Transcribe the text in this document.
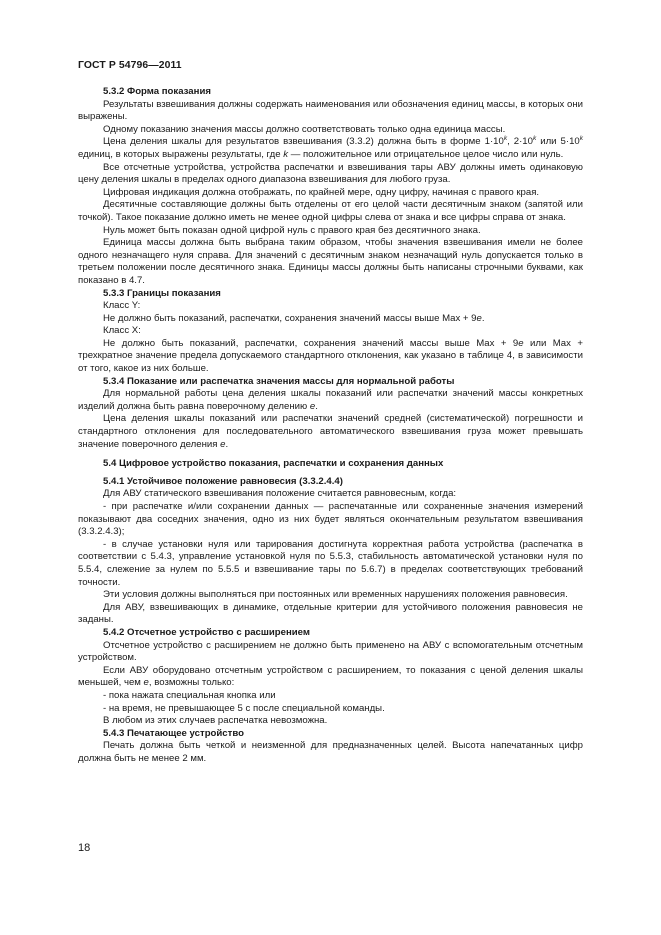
ГОСТ Р 54796—2011

5.3.2 Форма показания

Результаты взвешивания должны содержать наименования или обозначения единиц массы, в которых они выражены.

Одному показанию значения массы должно соответствовать только одна единица массы.

Цена деления шкалы для результатов взвешивания (3.3.2) должна быть в форме $1\cdot 10^k$, $2\cdot 10^k$ или $5\cdot 10^k$ единиц, в которых выражены результаты, где k — положительное или отрицательное целое число или нуль.

Все отсчетные устройства, устройства распечатки и взвешивания тары АВУ должны иметь одинаковую цену деления шкалы в пределах одного диапазона взвешивания для любого груза.

Цифровая индикация должна отображать, по крайней мере, одну цифру, начиная с правого края.

Десятичные составляющие должны быть отделены от его целой части десятичным знаком (запятой или точкой). Такое показание должно иметь не менее одной цифры слева от знака и все цифры справа от знака.

Нуль может быть показан одной цифрой нуль с правого края без десятичного знака.

Единица массы должна быть выбрана таким образом, чтобы значения взвешивания имели не более одного незначащего нуля справа. Для значений с десятичным знаком незначащий нуль допускается только в третьем положении после десятичного знака. Единицы массы должны быть написаны строчными буквами, как показано в 4.7.

5.3.3 Границы показания

Класс Y:

Не должно быть показаний, распечатки, сохранения значений массы выше Max + 9e.

Класс X:

Не должно быть показаний, распечатки, сохранения значений массы выше Max + 9e или Max + трехкратное значение предела допускаемого стандартного отклонения, как указано в таблице 4, в зависимости от того, какое из них больше.

5.3.4 Показание или распечатка значения массы для нормальной работы

Для нормальной работы цена деления шкалы показаний или распечатки значений массы конкретных изделий должна быть равна поверочному делению e.

Цена деления шкалы показаний или распечатки значений средней (систематической) погрешности и стандартного отклонения для последовательного автоматического взвешивания груза может превышать значение поверочного деления e.

5.4 Цифровое устройство показания, распечатки и сохранения данных

5.4.1 Устойчивое положение равновесия (3.3.2.4.4)

Для АВУ статического взвешивания положение считается равновесным, когда:

- при распечатке и/или сохранении данных — распечатанные или сохраненные значения измерений показывают два соседних значения, одно из них будет являться окончательным результатом взвешивания (3.3.2.4.3);

- в случае установки нуля или тарирования достигнута корректная работа устройства (распечатка в соответствии с 5.4.3, управление установкой нуля по 5.5.3, стабильность автоматической установки нуля по 5.5.4, слежение за нулем по 5.5.5 и взвешивание тары по 5.6.7) в пределах соответствующих требований точности.

Эти условия должны выполняться при постоянных или временных нарушениях положения равновесия.

Для АВУ, взвешивающих в динамике, отдельные критерии для устойчивого положения равновесия не заданы.

5.4.2 Отсчетное устройство с расширением

Отсчетное устройство с расширением не должно быть применено на АВУ с вспомогательным отсчетным устройством.

Если АВУ оборудовано отсчетным устройством с расширением, то показания с ценой деления шкалы меньшей, чем e, возможны только:

- пока нажата специальная кнопка или

- на время, не превышающее 5 с после специальной команды.

В любом из этих случаев распечатка невозможна.

5.4.3 Печатающее устройство

Печать должна быть четкой и неизменной для предназначенных целей. Высота напечатанных цифр должна быть не менее 2 мм.

18
